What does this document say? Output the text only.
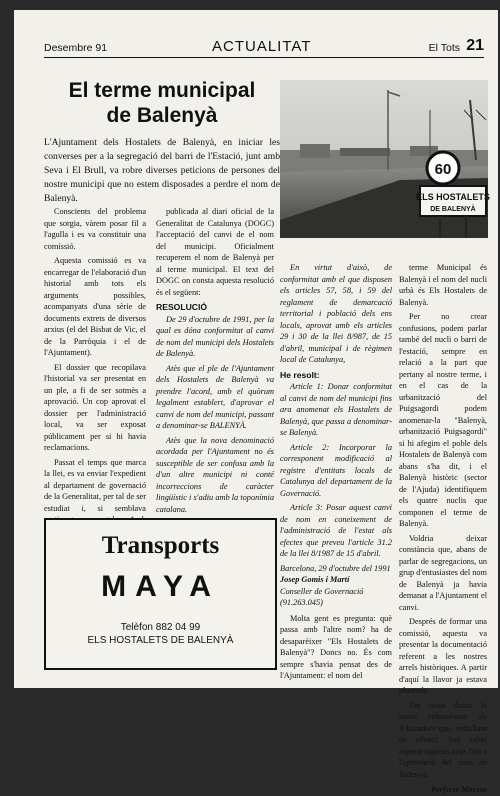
Desembre 91	ACTUALITAT	El Tots 21
El terme municipal
de Balenyà
L'Ajuntament dels Hostalets de Balenyà, en iniciar les converses per a la segregació del barri de l'Estació, junt amb Seva i El Brull, va robre diverses peticions de persones del nostre municipi que no estem disposades a perdre el nom de Balenyà.
60
ELS HOSTALETS
DE BALENYÀ

Conscients del problema que sorgia, vàrem posar fil a l'agulla i es va constituir una comissió.

Aquesta comissió es va encarregar de l'elaboració d'un historial amb tots els arguments possibles, acompanyats d'una sèrie de documents extrets de diversos arxius (el del Bisbat de Vic, el de la Parròquia i el de l'Ajuntament).

El dossier que recopilava l'historial va ser presentat en un ple, a fi de ser sotmès a aprovació. Un cop aprovat el dossier per l'administració local, va ser exposat públicament per si hi havia reclamacions.

Passat el temps que marca la llei, es va enviar l'expedient al departament de governació de la Generalitat, per tal de ser estudiat i, si semblava

publicada al diari oficial de la Generalitat de Catalunya (DOGC) l'acceptació del canvi de el nom del municipi. Oficialment recuperem el nom de Balenyà per al terme municipal. El text del DOGC on consta aquesta resolució és el següent:

RESOLUCIÓ

De 29 d'octubre de 1991, per la qual es dóna conformitat al canvi de nom del municipi dels Hostalets de Balenyà.

Atès que el ple de l'Ajuntament dels Hostalets de Balenyà va prendre l'acord, amb el quòrum legalment establert, d'aprovar el canvi de nom del municipi, passant a denominar-se BALENYÀ.

Atès que la nova denominació acordada per l'Ajuntament no és susceptible de ser confosa amb la d'un altre municipi ni conté incorreccions de caràcter lingüístic i s'adiu amb la toponímia catalana.

En virtut d'això, de conformitat amb el que disposen els articles 57, 58, i 59 del reglament de demarcació territorial i població dels ens locals, aprovat amb els articles 29 i 30 de la llei 8/987, de 15 d'abril, municipal i de règimen local de Catalunya,

He resolt:

Article 1: Donar conformitat al canvi de nom del municipi fins ara anomenat els Hostalets de Balenyà, que passa a denominar-se Balenyà.

Article 2: Incorporar la corresponent modificació al registre d'entitats locals de Catalunya del departament de la Governació.

Article 3: Posar aquest canvi de nom en coneixement de l'administració de l'estat als efectes que preveu l'article 31.2 de la llei 8/1987 de 15 d'abril.

Barcelona, 29 d'octubre del 1991
Josep Gomis i Martí
Conseller de Governació
(91.263.045)

Molta gent es pregunta: què passa amb l'altre nom? ha de desaparèixer "Els Hostalets de Balenyà"? Doncs no. És com sempre s'havia pensat des de l'Ajuntament: el nom del

terme Municipal és Balenyà i el nom del nucli urbà és Els Hostalets de Balenyà.

Per no crear confusions, podem parlar també del nucli o barri de l'estació, sempre en relació a la part que pertany al nostre terme, i en el cas de la urbanització del Puigsagordi podem anomenar-la "Balenyà, urbanització Puigsagordi" si hi afegim el poble dels Hostalets de Balenyà com abans s'ha dit, i el Balenyà històric (sector de l'Ajuda) identifiquem els quatre nuclis que componen el terme de Balenyà.

Voldria deixar constància que, abans de parlar de segregacions, un grup d'entusiastes del nom de Balenyà ja havia demanat a l'Ajuntament el canvi.

Després de formar una comissió, aquesta va presentar la documentació referent a les nostres arrels històriques. A partir d'aquí la llavor ja estava plantada.

Em resta donar la meva enhorabona als il·luitadors que, treballant en silenci, han sabut esperar aquests anys fins a l'aprovació del nom de Balenyà.

Perfecte Moreso
Transports
MAYA
Telèfon 882 04 99
ELS HOSTALETS DE BALENYÀ
